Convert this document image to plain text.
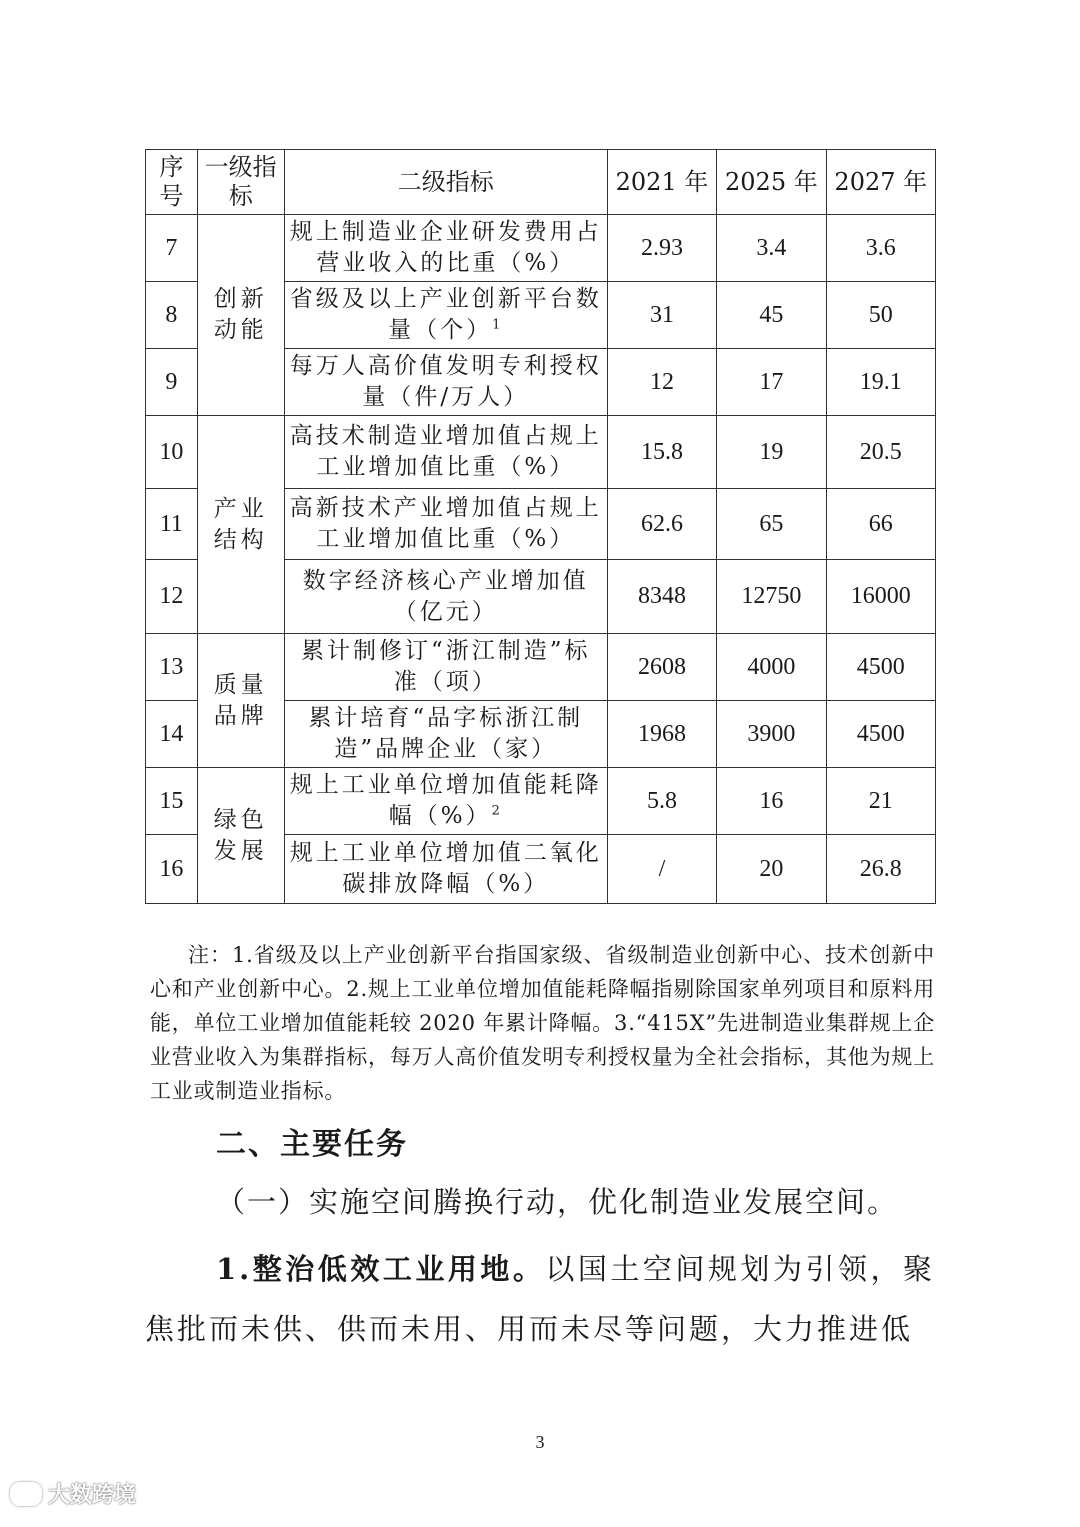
序号	一级指标	二级指标	2021 年	2025 年	2027 年
7	创新动能	规上制造业企业研发费用占营业收入的比重（%）	2.93	3.4	3.6
8		省级及以上产业创新平台数量（个）$^1$	31	45	50
9		每万人高价值发明专利授权量（件/万人）	12	17	19.1
10	产业结构	高技术制造业增加值占规上工业增加值比重（%）	15.8	19	20.5
11		高新技术产业增加值占规上工业增加值比重（%）	62.6	65	66
12		数字经济核心产业增加值（亿元）	8348	12750	16000
13	质量品牌	累计制修订“浙江制造”标准（项）	2608	4000	4500
14		累计培育“品字标浙江制造”品牌企业（家）	1968	3900	4500
15	绿色发展	规上工业单位增加值能耗降幅（%）$^2$	5.8	16	21
16		规上工业单位增加值二氧化碳排放降幅（%）	/	20	26.8

注：1.省级及以上产业创新平台指国家级、省级制造业创新中心、技术创新中心和产业创新中心。2.规上工业单位增加值能耗降幅指剔除国家单列项目和原料用能，单位工业增加值能耗较 2020 年累计降幅。3.“415X”先进制造业集群规上企业营业收入为集群指标，每万人高价值发明专利授权量为全社会指标，其他为规上工业或制造业指标。

二、主要任务
（一）实施空间腾换行动，优化制造业发展空间。

1.整治低效工业用地。以国土空间规划为引领，聚焦批而未供、供而未用、用而未尽等问题，大力推进低

3
大数跨境
